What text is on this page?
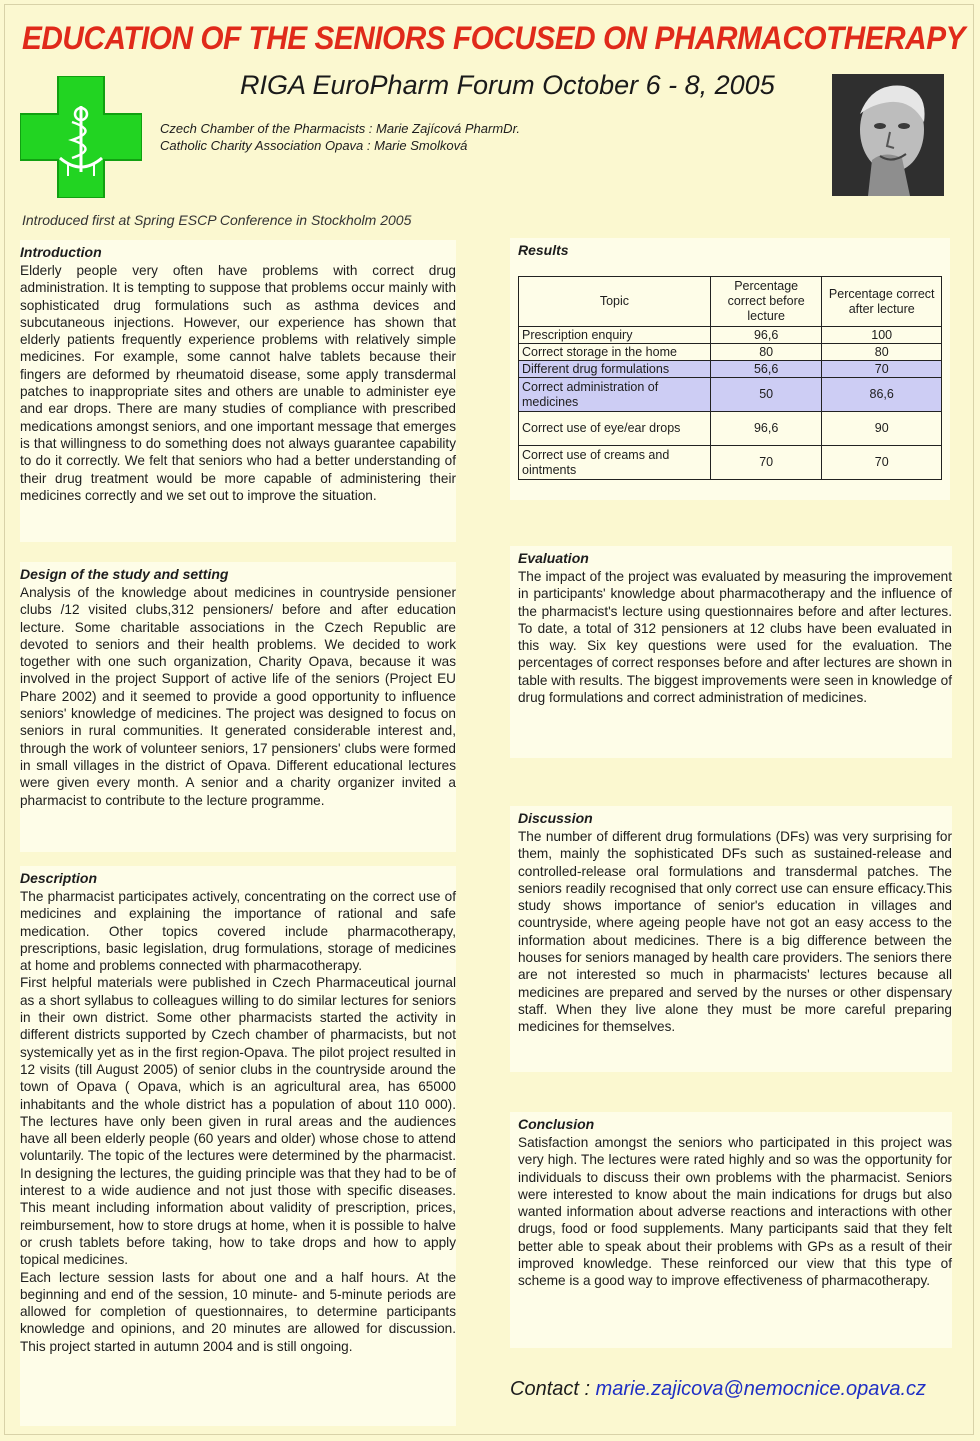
EDUCATION OF THE SENIORS FOCUSED ON PHARMACOTHERAPY
RIGA EuroPharm Forum October 6 - 8, 2005
Czech Chamber of the Pharmacists : Marie Zajícová PharmDr.
Catholic Charity Association Opava : Marie Smolková
Introduced first at Spring ESCP Conference in Stockholm 2005
Introduction

Elderly people very often have problems with correct drug administration. It is tempting to suppose that problems occur mainly with sophisticated drug formulations such as asthma devices and subcutaneous injections. However, our experience has shown that elderly patients frequently experience problems with relatively simple medicines. For example, some cannot halve tablets because their fingers are deformed by rheumatoid disease, some apply transdermal patches to inappropriate sites and others are unable to administer eye and ear drops. There are many studies of compliance with prescribed medications amongst seniors, and one important message that emerges is that willingness to do something does not always guarantee capability to do it correctly. We felt that seniors who had a better understanding of their drug treatment would be more capable of administering their medicines correctly and we set out to improve the situation.

Design of the study and setting

Analysis of the knowledge about medicines in countryside pensioner clubs /12 visited clubs,312 pensioners/ before and after education lecture. Some charitable associations in the Czech Republic are devoted to seniors and their health problems. We decided to work together with one such organization, Charity Opava, because it was involved in the project Support of active life of the seniors (Project EU Phare 2002) and it seemed to provide a good opportunity to influence seniors' knowledge of medicines. The project was designed to focus on seniors in rural communities. It generated considerable interest and, through the work of volunteer seniors, 17 pensioners' clubs were formed in small villages in the district of Opava. Different educational lectures were given every month. A senior and a charity organizer invited a pharmacist to contribute to the lecture programme.

Description

The pharmacist participates actively, concentrating on the correct use of medicines and explaining the importance of rational and safe medication. Other topics covered include pharmacotherapy, prescriptions, basic legislation, drug formulations, storage of medicines at home and problems connected with pharmacotherapy.

First helpful materials were published in Czech Pharmaceutical journal as a short syllabus to colleagues willing to do similar lectures for seniors in their own district. Some other pharmacists started the activity in different districts supported by Czech chamber of pharmacists, but not systemically yet as in the first region-Opava. The pilot project resulted in 12 visits (till August 2005) of senior clubs in the countryside around the town of Opava ( Opava, which is an agricultural area, has 65000 inhabitants and the whole district has a population of about 110 000). The lectures have only been given in rural areas and the audiences have all been elderly people (60 years and older) whose chose to attend voluntarily. The topic of the lectures were determined by the pharmacist. In designing the lectures, the guiding principle was that they had to be of interest to a wide audience and not just those with specific diseases. This meant including information about validity of prescription, prices, reimbursement, how to store drugs at home, when it is possible to halve or crush tablets before taking, how to take drops and how to apply topical medicines.

Each lecture session lasts for about one and a half hours. At the beginning and end of the session, 10 minute- and 5-minute periods are allowed for completion of questionnaires, to determine participants knowledge and opinions, and 20 minutes are allowed for discussion. This project started in autumn 2004 and is still ongoing.

Results
Topic	Percentage correct before lecture	Percentage correct after lecture
Prescription enquiry	96,6	100
Correct storage in the home	80	80
Different drug formulations	56,6	70
Correct administration of medicines	50	86,6
Correct use of eye/ear drops	96,6	90
Correct use of creams and ointments	70	70
Evaluation

The impact of the project was evaluated by measuring the improvement in participants' knowledge about pharmacotherapy and the influence of the pharmacist's lecture using questionnaires before and after lectures. To date, a total of 312 pensioners at 12 clubs have been evaluated in this way. Six key questions were used for the evaluation. The percentages of correct responses before and after lectures are shown in table with results. The biggest improvements were seen in knowledge of drug formulations and correct administration of medicines.

Discussion

The number of different drug formulations (DFs) was very surprising for them, mainly the sophisticated DFs such as sustained-release and controlled-release oral formulations and transdermal patches. The seniors readily recognised that only correct use can ensure efficacy.This study shows importance of senior's education in villages and countryside, where ageing people have not got an easy access to the information about medicines. There is a big difference between the houses for seniors managed by health care providers. The seniors there are not interested so much in pharmacists' lectures because all medicines are prepared and served by the nurses or other dispensary staff. When they live alone they must be more careful preparing medicines for themselves.

Conclusion

Satisfaction amongst the seniors who participated in this project was very high. The lectures were rated highly and so was the opportunity for individuals to discuss their own problems with the pharmacist. Seniors were interested to know about the main indications for drugs but also wanted information about adverse reactions and interactions with other drugs, food or food supplements. Many participants said that they felt better able to speak about their problems with GPs as a result of their improved knowledge. These reinforced our view that this type of scheme is a good way to improve effectiveness of pharmacotherapy.

Contact : marie.zajicova@nemocnice.opava.cz
